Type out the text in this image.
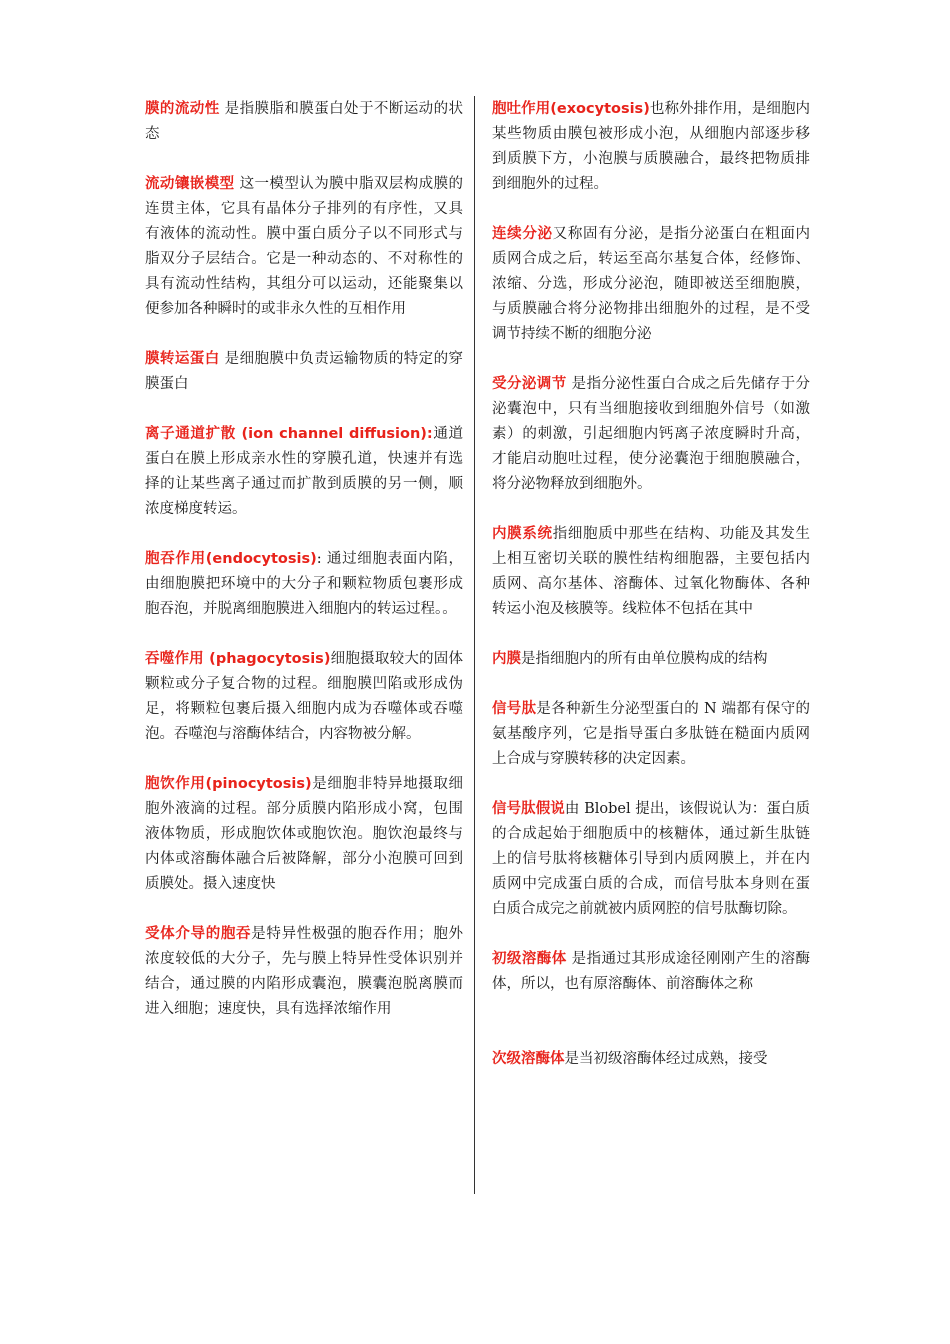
膜的流动性 是指膜脂和膜蛋白处于不断运动的状态

流动镶嵌模型 这一模型认为膜中脂双层构成膜的连贯主体，它具有晶体分子排列的有序性，又具有液体的流动性。膜中蛋白质分子以不同形式与脂双分子层结合。它是一种动态的、不对称性的具有流动性结构，其组分可以运动，还能聚集以便参加各种瞬时的或非永久性的互相作用

膜转运蛋白 是细胞膜中负责运输物质的特定的穿膜蛋白

离子通道扩散 (ion channel diffusion):通道蛋白在膜上形成亲水性的穿膜孔道，快速并有选择的让某些离子通过而扩散到质膜的另一侧，顺浓度梯度转运。

胞吞作用(endocytosis): 通过细胞表面内陷，由细胞膜把环境中的大分子和颗粒物质包裹形成胞吞泡，并脱离细胞膜进入细胞内的转运过程。。

吞噬作用 (phagocytosis)细胞摄取较大的固体颗粒或分子复合物的过程。细胞膜凹陷或形成伪足，将颗粒包裹后摄入细胞内成为吞噬体或吞噬泡。吞噬泡与溶酶体结合，内容物被分解。

胞饮作用(pinocytosis)是细胞非特异地摄取细胞外液滴的过程。部分质膜内陷形成小窝，包围液体物质，形成胞饮体或胞饮泡。胞饮泡最终与内体或溶酶体融合后被降解，部分小泡膜可回到质膜处。摄入速度快

受体介导的胞吞是特异性极强的胞吞作用；胞外浓度较低的大分子，先与膜上特异性受体识别并结合，通过膜的内陷形成囊泡，膜囊泡脱离膜而进入细胞；速度快，具有选择浓缩作用

胞吐作用(exocytosis)也称外排作用，是细胞内某些物质由膜包被形成小泡，从细胞内部逐步移到质膜下方，小泡膜与质膜融合，最终把物质排到细胞外的过程。

连续分泌又称固有分泌，是指分泌蛋白在粗面内质网合成之后，转运至高尔基复合体，经修饰、浓缩、分选，形成分泌泡，随即被送至细胞膜，与质膜融合将分泌物排出细胞外的过程，是不受调节持续不断的细胞分泌

受分泌调节 是指分泌性蛋白合成之后先储存于分泌囊泡中，只有当细胞接收到细胞外信号（如激素）的刺激，引起细胞内钙离子浓度瞬时升高，才能启动胞吐过程，使分泌囊泡于细胞膜融合，将分泌物释放到细胞外。

内膜系统指细胞质中那些在结构、功能及其发生上相互密切关联的膜性结构细胞器，主要包括内质网、高尔基体、溶酶体、过氧化物酶体、各种转运小泡及核膜等。线粒体不包括在其中

内膜是指细胞内的所有由单位膜构成的结构

信号肽是各种新生分泌型蛋白的 N 端都有保守的氨基酸序列，它是指导蛋白多肽链在糙面内质网上合成与穿膜转移的决定因素。

信号肽假说由 Blobel 提出，该假说认为：蛋白质的合成起始于细胞质中的核糖体，通过新生肽链上的信号肽将核糖体引导到内质网膜上，并在内质网中完成蛋白质的合成，而信号肽本身则在蛋白质合成完之前就被内质网腔的信号肽酶切除。

初级溶酶体 是指通过其形成途径刚刚产生的溶酶体，所以，也有原溶酶体、前溶酶体之称

次级溶酶体是当初级溶酶体经过成熟，接受
